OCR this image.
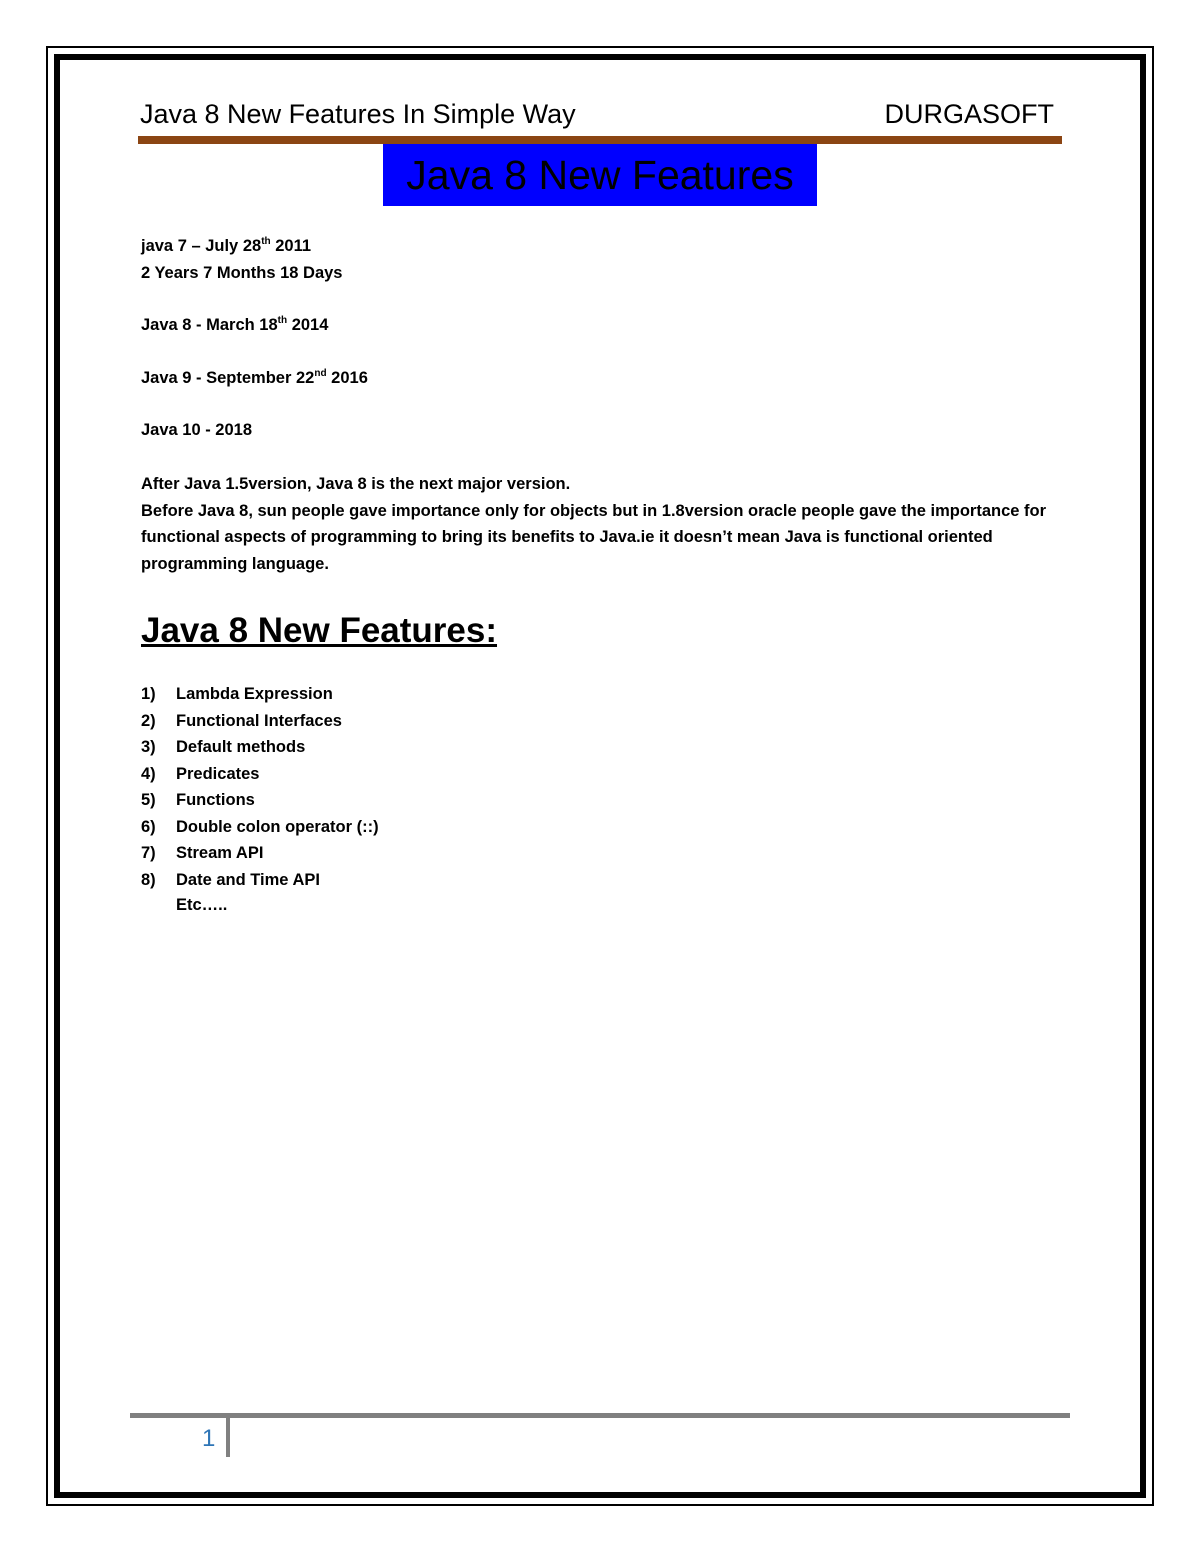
Java 8 New Features In Simple Way	DURGASOFT
Java 8 New Features
java 7 – July 28th 2011
2 Years 7 Months 18 Days
Java 8 - March 18th 2014
Java 9 - September 22nd 2016
Java 10 - 2018
After Java 1.5version, Java 8 is the next major version.
Before Java 8, sun people gave importance only for objects but in 1.8version oracle people gave the importance for functional aspects of programming to bring its benefits to Java.ie it doesn’t mean Java is functional oriented programming language.
Java 8 New Features:
1)	Lambda Expression
2)	Functional Interfaces
3)	Default methods
4)	Predicates
5)	Functions
6)	Double colon operator (::)
7)	Stream API
8)	Date and Time API
Etc…..
1
